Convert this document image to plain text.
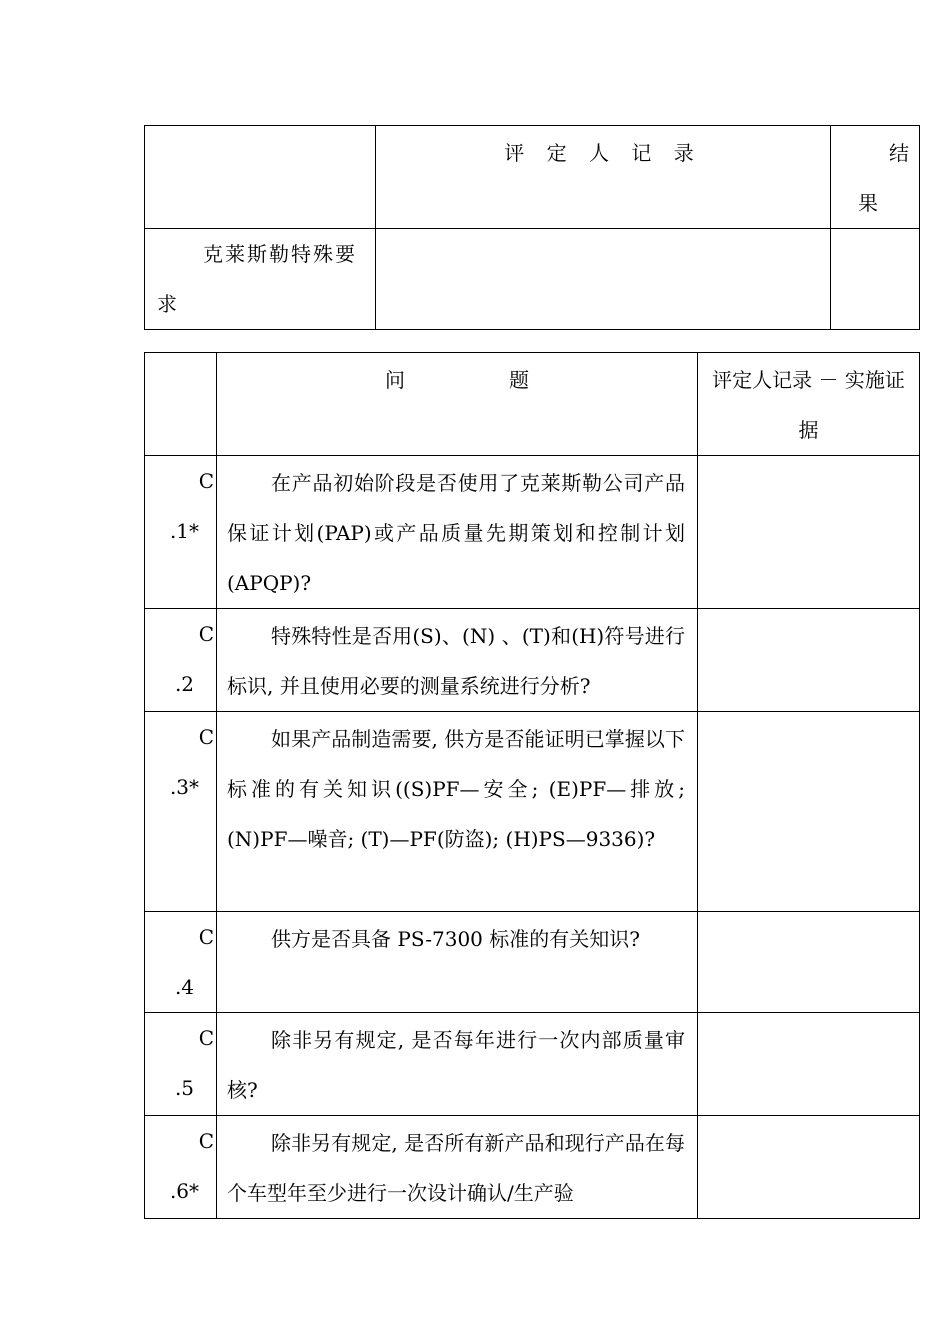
	评 定 人 记 录	结
果

克莱斯勒特殊要求		
	问 题	评定人记录 － 实施证据

C
.1*	在产品初始阶段是否使用了克莱斯勒公司产品保证计划(PAP)或产品质量先期策划和控制计划(APQP)?	

C
.2	特殊特性是否用(S)、(N) 、(T)和(H)符号进行标识, 并且使用必要的测量系统进行分析?	

C
.3*	如果产品制造需要, 供方是否能证明已掌握以下标准的有关知识((S)PF—安全; (E)PF—排放; (N)PF—噪音; (T)—PF(防盗); (H)PS—9336)?	

C
.4	供方是否具备 PS-7300 标准的有关知识?	

C
.5	除非另有规定, 是否每年进行一次内部质量审核?	

C
.6*	除非另有规定, 是否所有新产品和现行产品在每个车型年至少进行一次设计确认/生产验	
